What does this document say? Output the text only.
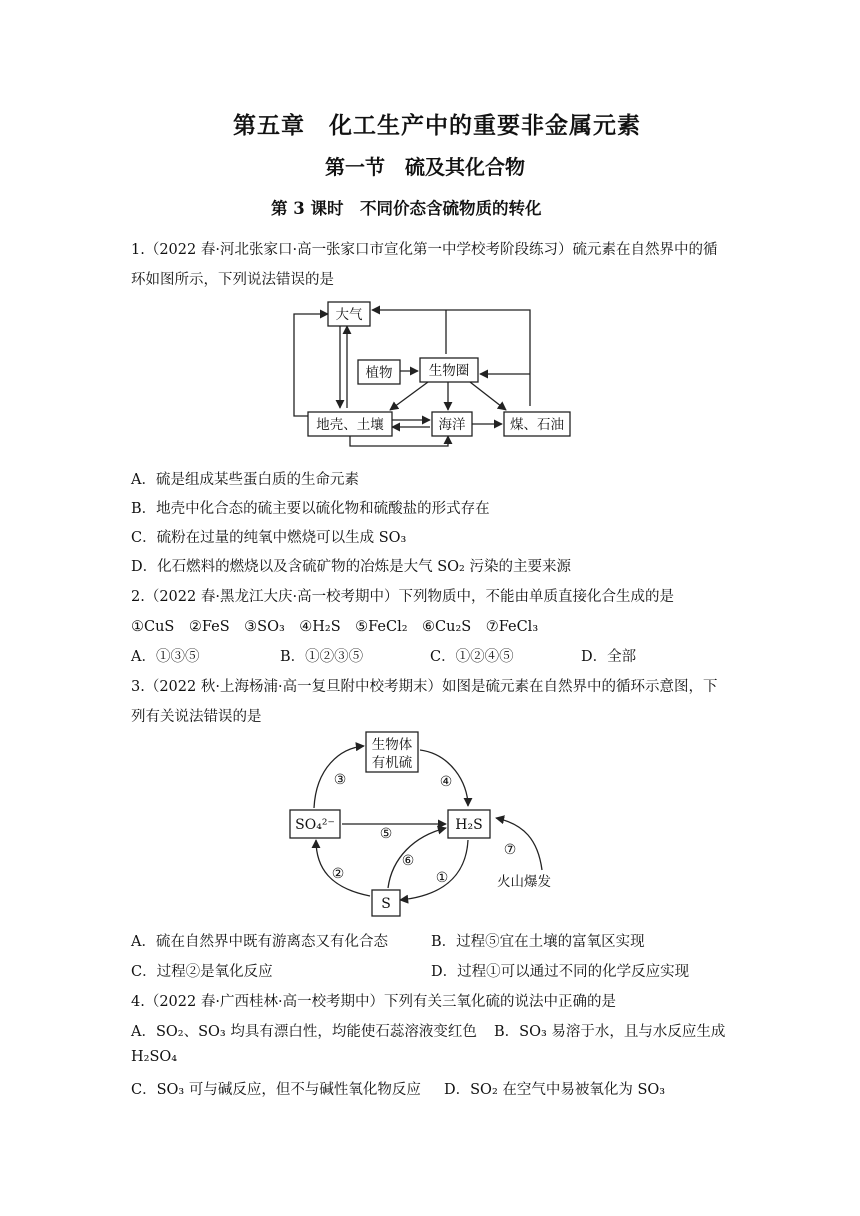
第五章　化工生产中的重要非金属元素
第一节　硫及其化合物
第 3 课时　不同价态含硫物质的转化
1.（2022 春·河北张家口·高一张家口市宣化第一中学校考阶段练习）硫元素在自然界中的循
环如图所示，下列说法错误的是
大气
植物	生物圈
地壳、土壤	海洋	煤、石油
A．硫是组成某些蛋白质的生命元素
B．地壳中化合态的硫主要以硫化物和硫酸盐的形式存在
C．硫粉在过量的纯氧中燃烧可以生成 SO₃
D．化石燃料的燃烧以及含硫矿物的冶炼是大气 SO₂ 污染的主要来源
2.（2022 春·黑龙江大庆·高一校考期中）下列物质中，不能由单质直接化合生成的是
①CuS　②FeS　③SO₃　④H₂S　⑤FeCl₂　⑥Cu₂S　⑦FeCl₃
A．①③⑤	B．①②③⑤	C．①②④⑤	D．全部
3.（2022 秋·上海杨浦·高一复旦附中校考期末）如图是硫元素在自然界中的循环示意图，下
列有关说法错误的是
生物体
有机硫
SO₄²⁻	H₂S
S
火山爆发
③	④
⑤
⑥
②	①
⑦
A．硫在自然界中既有游离态又有化合态	B．过程⑤宜在土壤的富氧区实现
C．过程②是氧化反应	D．过程①可以通过不同的化学反应实现
4.（2022 春·广西桂林·高一校考期中）下列有关三氧化硫的说法中正确的是
A．SO₂、SO₃ 均具有漂白性，均能使石蕊溶液变红色 B．SO₃ 易溶于水，且与水反应生成
H₂SO₄
C．SO₃ 可与碱反应，但不与碱性氧化物反应 D．SO₂ 在空气中易被氧化为 SO₃
